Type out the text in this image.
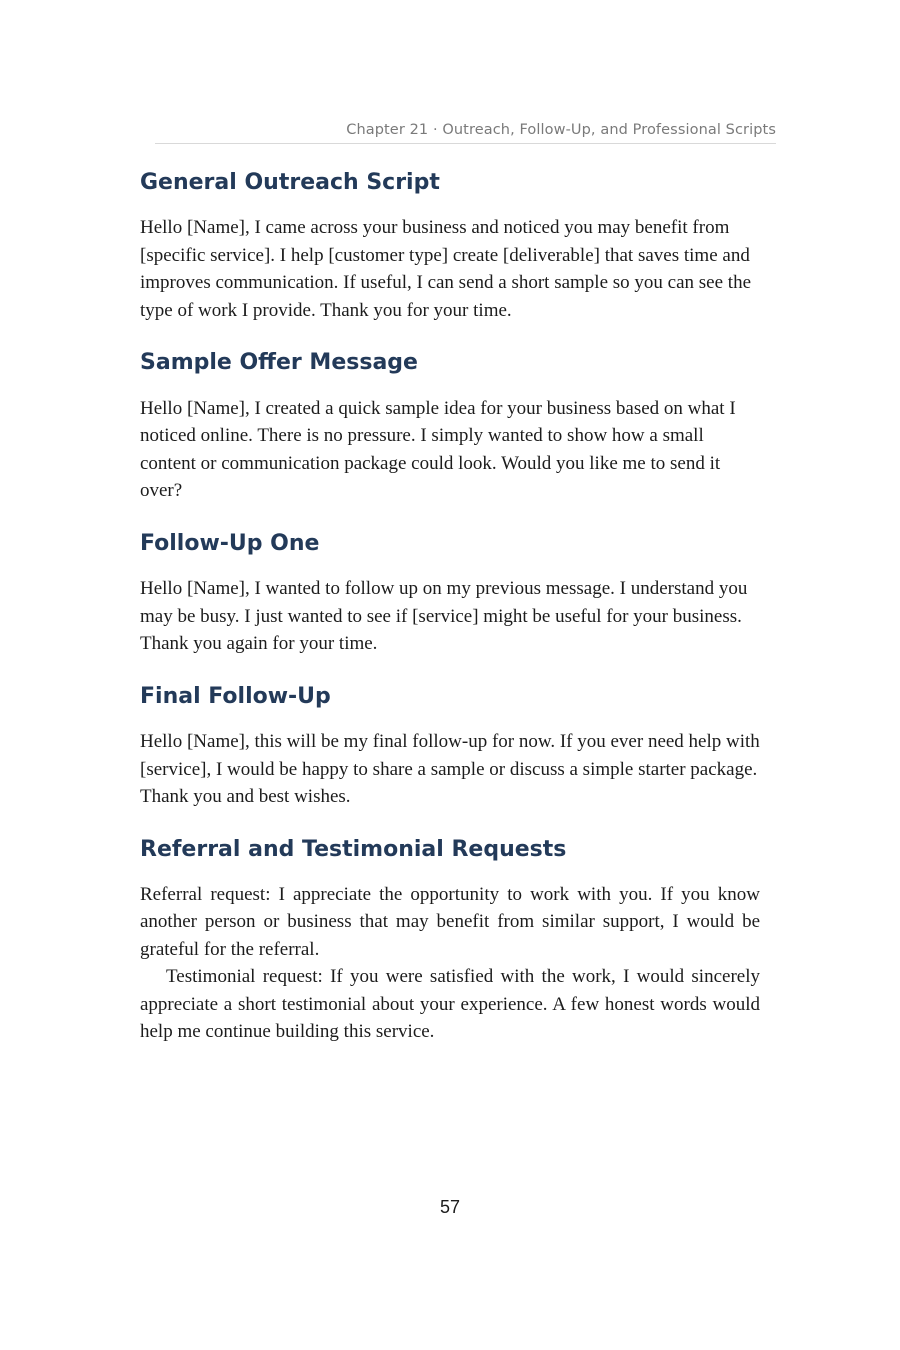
Chapter 21 · Outreach, Follow-Up, and Professional Scripts
General Outreach Script

Hello [Name], I came across your business and noticed you may benefit from [specific service]. I help [customer type] create [deliverable] that saves time and improves communication. If useful, I can send a short sample so you can see the type of work I provide. Thank you for your time.

Sample Offer Message

Hello [Name], I created a quick sample idea for your business based on what I noticed online. There is no pressure. I simply wanted to show how a small content or communication package could look. Would you like me to send it over?

Follow-Up One

Hello [Name], I wanted to follow up on my previous message. I understand you may be busy. I just wanted to see if [service] might be useful for your business. Thank you again for your time.

Final Follow-Up

Hello [Name], this will be my final follow-up for now. If you ever need help with [service], I would be happy to share a sample or discuss a simple starter package. Thank you and best wishes.

Referral and Testimonial Requests

Referral request: I appreciate the opportunity to work with you. If you know another person or business that may benefit from similar support, I would be grateful for the referral.

Testimonial request: If you were satisfied with the work, I would sincerely appreciate a short testimonial about your experience. A few honest words would help me continue building this service.

57
